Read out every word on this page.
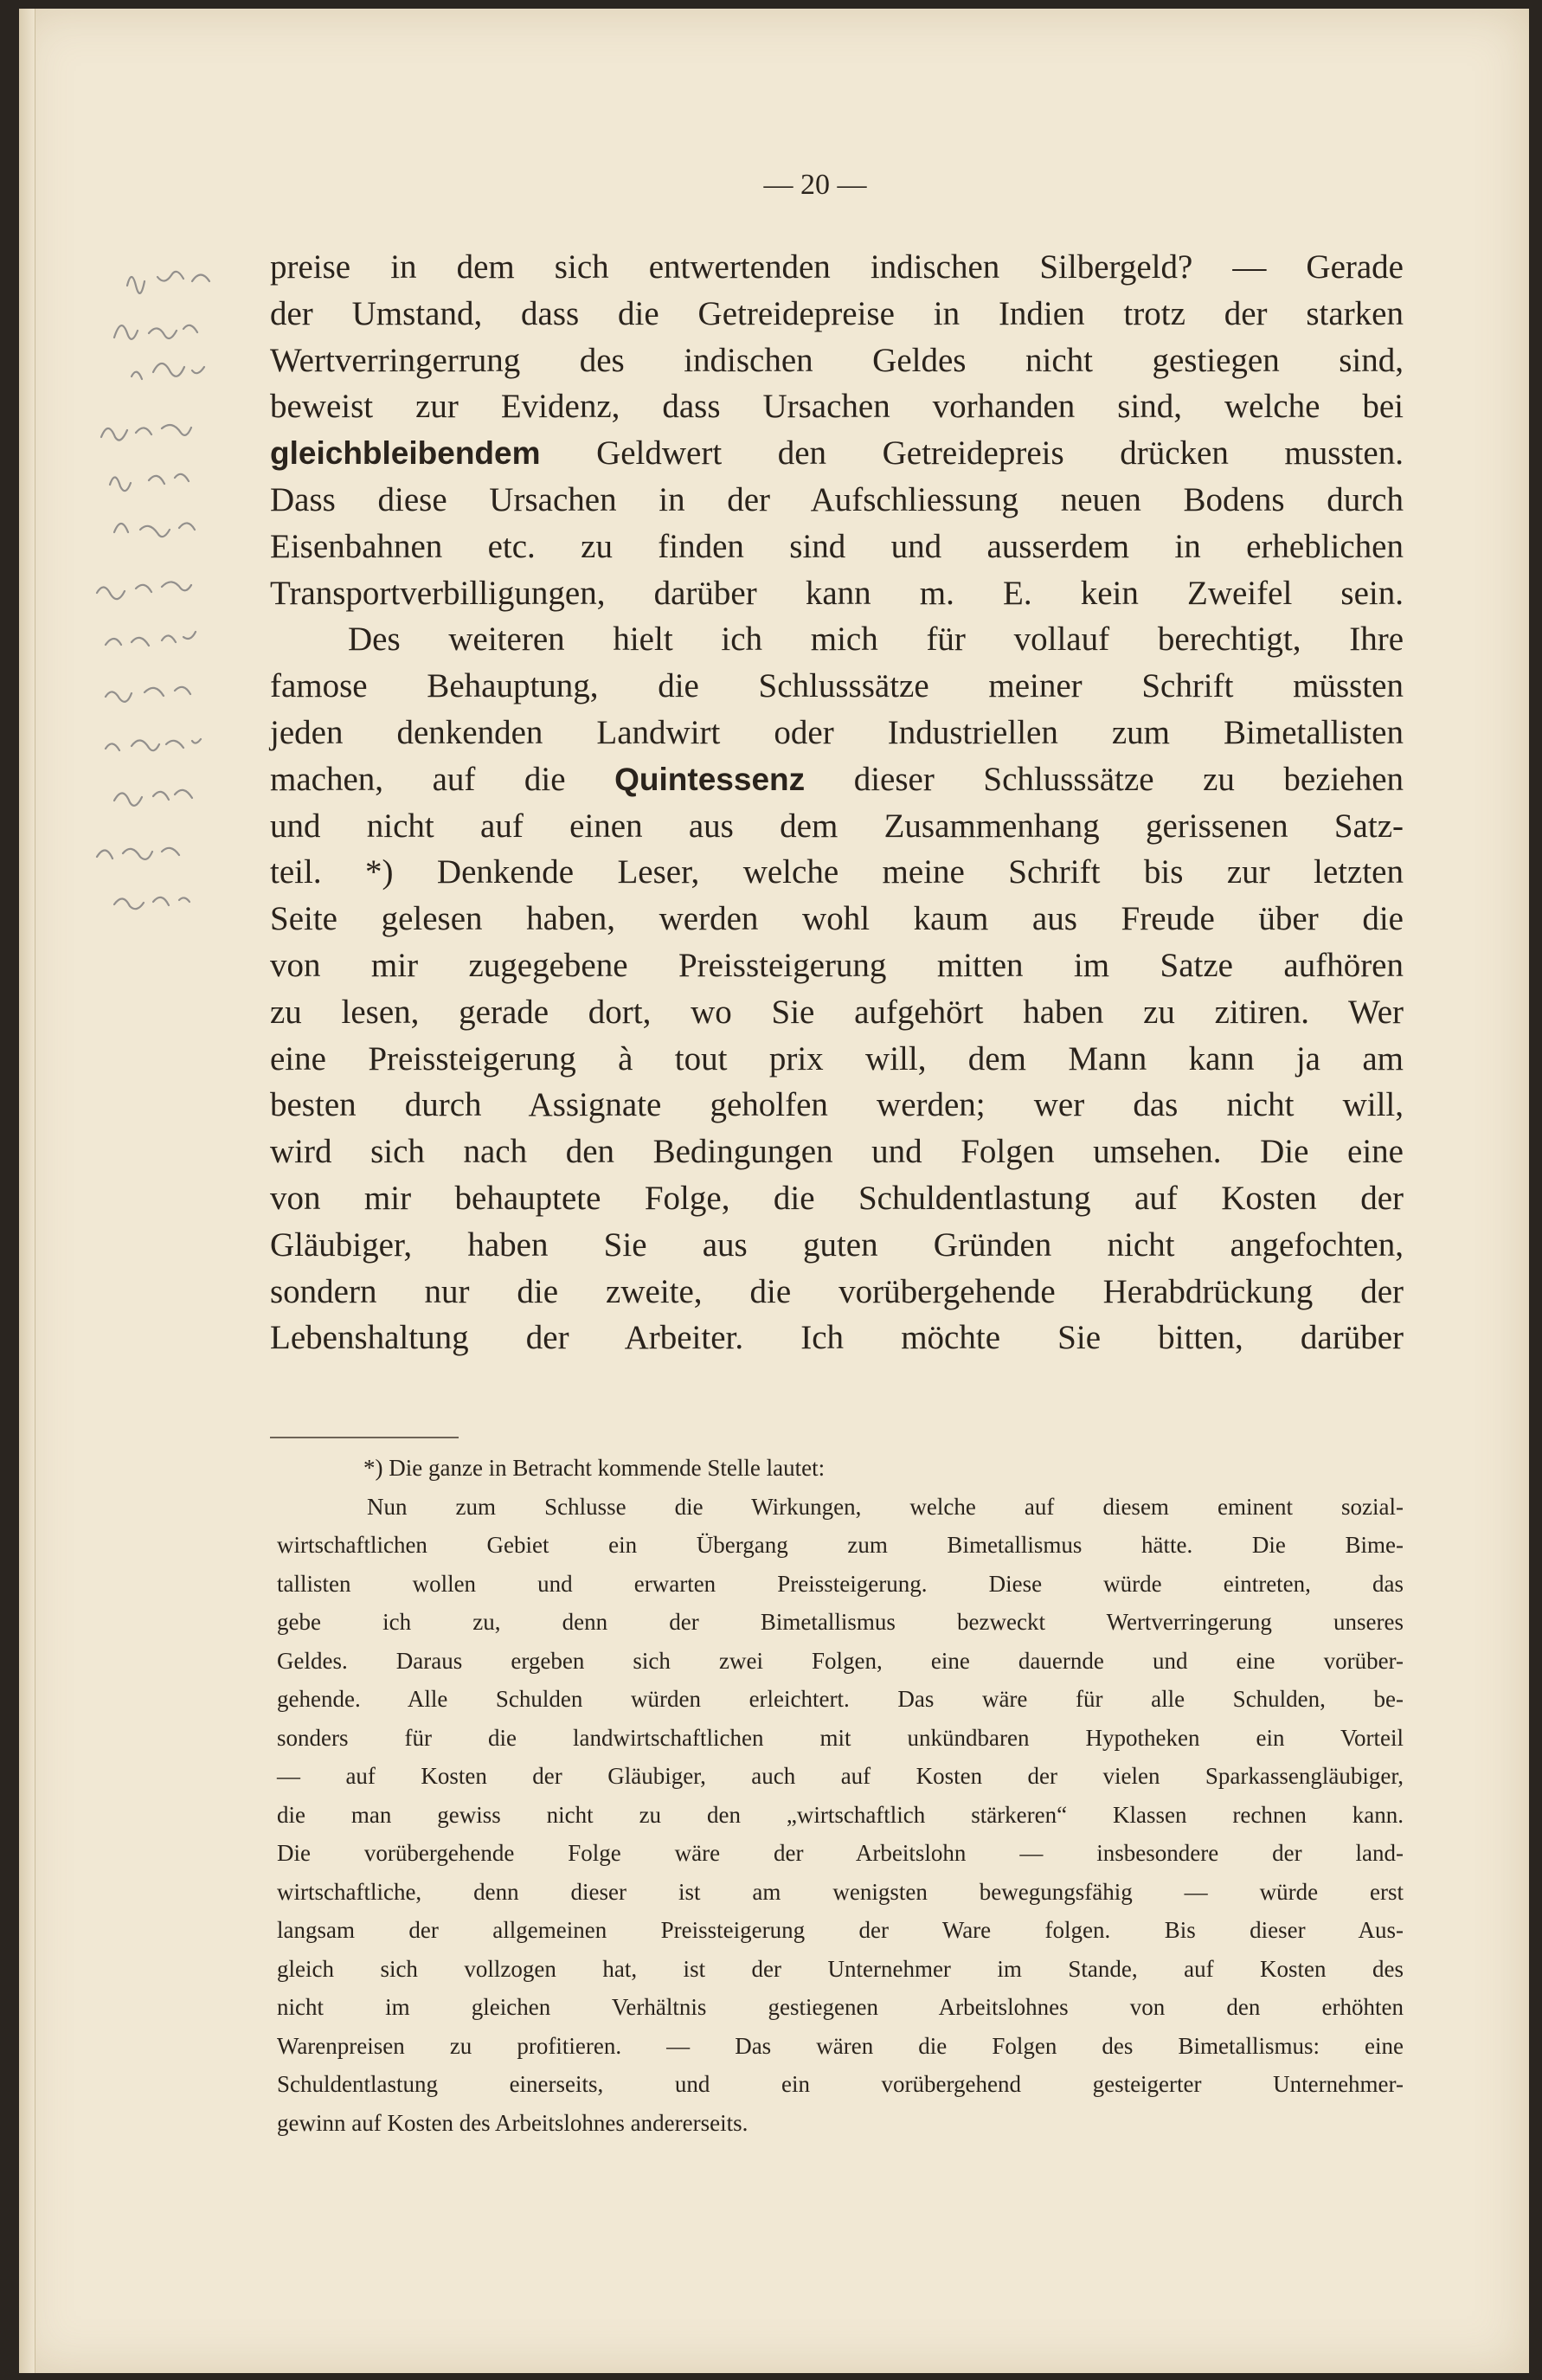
— 20 —
preise in dem sich entwertenden indischen Silbergeld? — Gerade
der Umstand, dass die Getreidepreise in Indien trotz der starken
Wertverringerrung des indischen Geldes nicht gestiegen sind,
beweist zur Evidenz, dass Ursachen vorhanden sind, welche bei
gleichbleibendem Geldwert den Getreidepreis drücken mussten.
Dass diese Ursachen in der Aufschliessung neuen Bodens durch
Eisenbahnen etc. zu finden sind und ausserdem in erheblichen
Transportverbilligungen, darüber kann m. E. kein Zweifel sein.
Des weiteren hielt ich mich für vollauf berechtigt, Ihre
famose Behauptung, die Schlusssätze meiner Schrift müssten
jeden denkenden Landwirt oder Industriellen zum Bimetallisten
machen, auf die Quintessenz dieser Schlusssätze zu beziehen
und nicht auf einen aus dem Zusammenhang gerissenen Satz-
teil. *) Denkende Leser, welche meine Schrift bis zur letzten
Seite gelesen haben, werden wohl kaum aus Freude über die
von mir zugegebene Preissteigerung mitten im Satze aufhören
zu lesen, gerade dort, wo Sie aufgehört haben zu zitiren. Wer
eine Preissteigerung à tout prix will, dem Mann kann ja am
besten durch Assignate geholfen werden; wer das nicht will,
wird sich nach den Bedingungen und Folgen umsehen. Die eine
von mir behauptete Folge, die Schuldentlastung auf Kosten der
Gläubiger, haben Sie aus guten Gründen nicht angefochten,
sondern nur die zweite, die vorübergehende Herabdrückung der
Lebenshaltung der Arbeiter. Ich möchte Sie bitten, darüber
*) Die ganze in Betracht kommende Stelle lautet:
Nun zum Schlusse die Wirkungen, welche auf diesem eminent sozial-
wirtschaftlichen Gebiet ein Übergang zum Bimetallismus hätte. Die Bime-
tallisten wollen und erwarten Preissteigerung. Diese würde eintreten, das
gebe ich zu, denn der Bimetallismus bezweckt Wertverringerung unseres
Geldes. Daraus ergeben sich zwei Folgen, eine dauernde und eine vorüber-
gehende. Alle Schulden würden erleichtert. Das wäre für alle Schulden, be-
sonders für die landwirtschaftlichen mit unkündbaren Hypotheken ein Vorteil
— auf Kosten der Gläubiger, auch auf Kosten der vielen Sparkassengläubiger,
die man gewiss nicht zu den „wirtschaftlich stärkeren“ Klassen rechnen kann.
Die vorübergehende Folge wäre der Arbeitslohn — insbesondere der land-
wirtschaftliche, denn dieser ist am wenigsten bewegungsfähig — würde erst
langsam der allgemeinen Preissteigerung der Ware folgen. Bis dieser Aus-
gleich sich vollzogen hat, ist der Unternehmer im Stande, auf Kosten des
nicht im gleichen Verhältnis gestiegenen Arbeitslohnes von den erhöhten
Warenpreisen zu profitieren. — Das wären die Folgen des Bimetallismus: eine
Schuldentlastung einerseits, und ein vorübergehend gesteigerter Unternehmer-
gewinn auf Kosten des Arbeitslohnes andererseits.
